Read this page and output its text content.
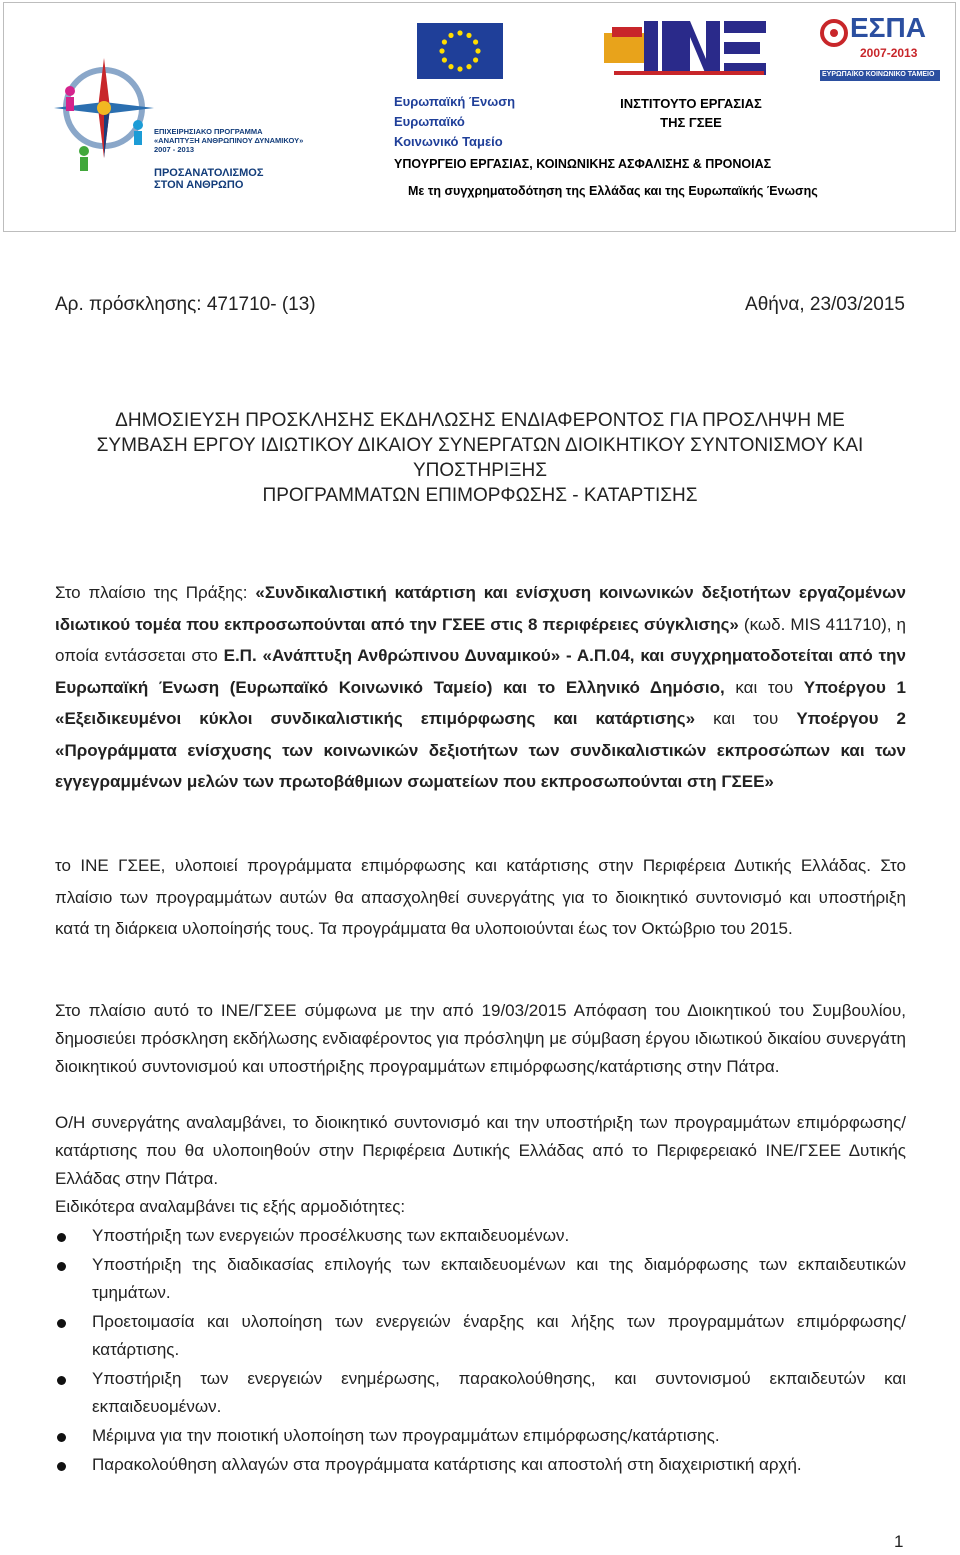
ΕΠΙΧΕΙΡΗΣΙΑΚΟ ΠΡΟΓΡΑΜΜΑ «ΑΝΑΠΤΥΞΗ ΑΝΘΡΩΠΙΝΟΥ ΔΥΝΑΜΙΚΟΥ» 2007 - 2013
ΠΡΟΣΑΝΑΤΟΛΙΣΜΟΣ ΣΤΟΝ ΑΝΘΡΩΠΟ
Ευρωπαϊκή Ένωση
Ευρωπαϊκό
Κοινωνικό Ταμείο
ΙΝΣΤΙΤΟΥΤΟ ΕΡΓΑΣΙΑΣ
ΤΗΣ ΓΣΕΕ
ΕΣΠΑ
2007-2013
ΕΥΡΩΠΑΪΚΟ ΚΟΙΝΩΝΙΚΟ ΤΑΜΕΙΟ
ΥΠΟΥΡΓΕΙΟ ΕΡΓΑΣΙΑΣ, ΚΟΙΝΩΝΙΚΗΣ ΑΣΦΑΛΙΣΗΣ & ΠΡΟΝΟΙΑΣ
Με τη συγχρηματοδότηση της Ελλάδας και της Ευρωπαϊκής Ένωσης
Αρ. πρόσκλησης: 471710- (13)	Αθήνα, 23/03/2015
ΔΗΜΟΣΙΕΥΣΗ ΠΡΟΣΚΛΗΣΗΣ ΕΚΔΗΛΩΣΗΣ ΕΝΔΙΑΦΕΡΟΝΤΟΣ ΓΙΑ ΠΡΟΣΛΗΨΗ ΜΕ
ΣΥΜΒΑΣΗ ΕΡΓΟΥ ΙΔΙΩΤΙΚΟΥ ΔΙΚΑΙΟΥ ΣΥΝΕΡΓΑΤΩΝ ΔΙΟΙΚΗΤΙΚΟΥ ΣΥΝΤΟΝΙΣΜΟΥ ΚΑΙ
ΥΠΟΣΤΗΡΙΞΗΣ
ΠΡΟΓΡΑΜΜΑΤΩΝ ΕΠΙΜΟΡΦΩΣΗΣ - ΚΑΤΑΡΤΙΣΗΣ
Στο πλαίσιο της Πράξης: «Συνδικαλιστική κατάρτιση και ενίσχυση κοινωνικών δεξιοτήτων εργαζομένων ιδιωτικού τομέα που εκπροσωπούνται από την ΓΣΕΕ στις 8 περιφέρειες σύγκλισης» (κωδ. MIS 411710), η οποία εντάσσεται στο Ε.Π. «Ανάπτυξη Ανθρώπινου Δυναμικού» - Α.Π.04, και συγχρηματοδοτείται από την Ευρωπαϊκή Ένωση (Ευρωπαϊκό Κοινωνικό Ταμείο) και το Ελληνικό Δημόσιο, και του Υποέργου 1 «Εξειδικευμένοι κύκλοι συνδικαλιστικής επιμόρφωσης και κατάρτισης» και του Υποέργου 2 «Προγράμματα ενίσχυσης των κοινωνικών δεξιοτήτων των συνδικαλιστικών εκπροσώπων και των εγγεγραμμένων μελών των πρωτοβάθμιων σωματείων που εκπροσωπούνται στη ΓΣΕΕ»
το ΙΝΕ ΓΣΕΕ, υλοποιεί προγράμματα επιμόρφωσης και κατάρτισης στην Περιφέρεια Δυτικής Ελλάδας. Στο πλαίσιο των προγραμμάτων αυτών θα απασχοληθεί συνεργάτης για το διοικητικό συντονισμό και υποστήριξη κατά τη διάρκεια υλοποίησής τους. Τα προγράμματα θα υλοποιούνται έως τον Οκτώβριο του 2015.
Στο πλαίσιο αυτό το ΙΝΕ/ΓΣΕΕ σύμφωνα με την από 19/03/2015 Απόφαση του Διοικητικού του Συμβουλίου, δημοσιεύει πρόσκληση εκδήλωσης ενδιαφέροντος για πρόσληψη με σύμβαση έργου ιδιωτικού δικαίου συνεργάτη διοικητικού συντονισμού και υποστήριξης προγραμμάτων επιμόρφωσης/κατάρτισης στην Πάτρα.
Ο/Η συνεργάτης αναλαμβάνει, το διοικητικό συντονισμό και την υποστήριξη των προγραμμάτων επιμόρφωσης/κατάρτισης που θα υλοποιηθούν στην Περιφέρεια Δυτικής Ελλάδας από το Περιφερειακό ΙΝΕ/ΓΣΕΕ Δυτικής Ελλάδας στην Πάτρα.
Ειδικότερα αναλαμβάνει τις εξής αρμοδιότητες:
Υποστήριξη των ενεργειών προσέλκυσης των εκπαιδευομένων.
Υποστήριξη της διαδικασίας επιλογής των εκπαιδευομένων και της διαμόρφωσης των εκπαιδευτικών τμημάτων.
Προετοιμασία και υλοποίηση των ενεργειών έναρξης και λήξης των προγραμμάτων επιμόρφωσης/κατάρτισης.
Υποστήριξη των ενεργειών ενημέρωσης, παρακολούθησης, και συντονισμού εκπαιδευτών και εκπαιδευομένων.
Μέριμνα για την ποιοτική υλοποίηση των προγραμμάτων επιμόρφωσης/κατάρτισης.
Παρακολούθηση αλλαγών στα προγράμματα κατάρτισης και αποστολή στη διαχειριστική αρχή.
1
